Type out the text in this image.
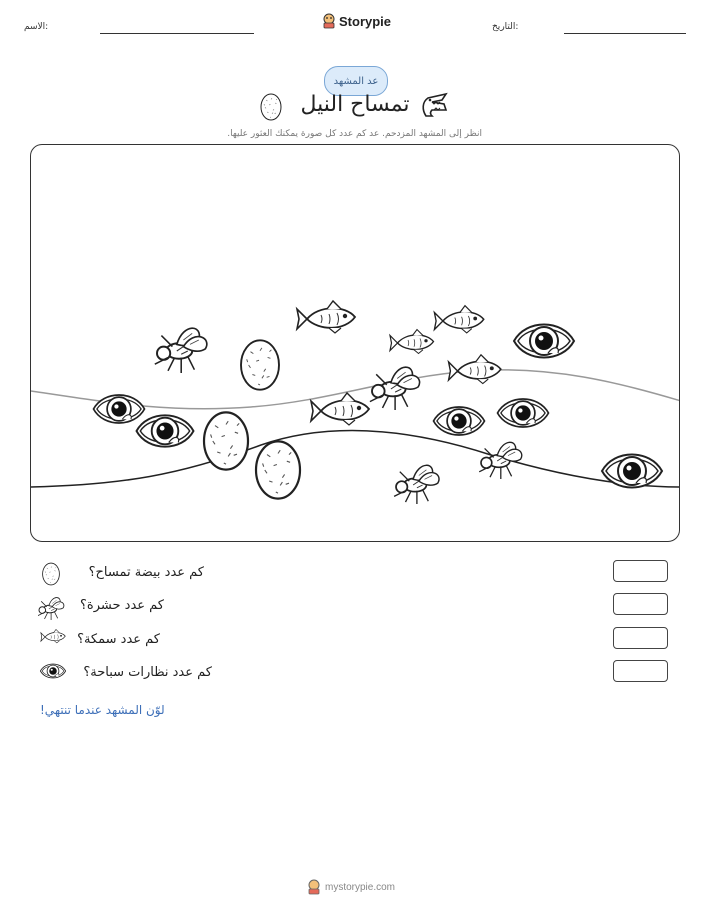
الاسم:	Storypie	التاريخ:
عد المشهد
تمساح النيل
انظر إلى المشهد المزدحم. عد كم عدد كل صورة يمكنك العثور عليها.
كم عدد بيضة تمساح؟
كم عدد حشرة؟
كم عدد سمكة؟
كم عدد نظارات سباحة؟
لوّن المشهد عندما تنتهي!
mystorypie.com
